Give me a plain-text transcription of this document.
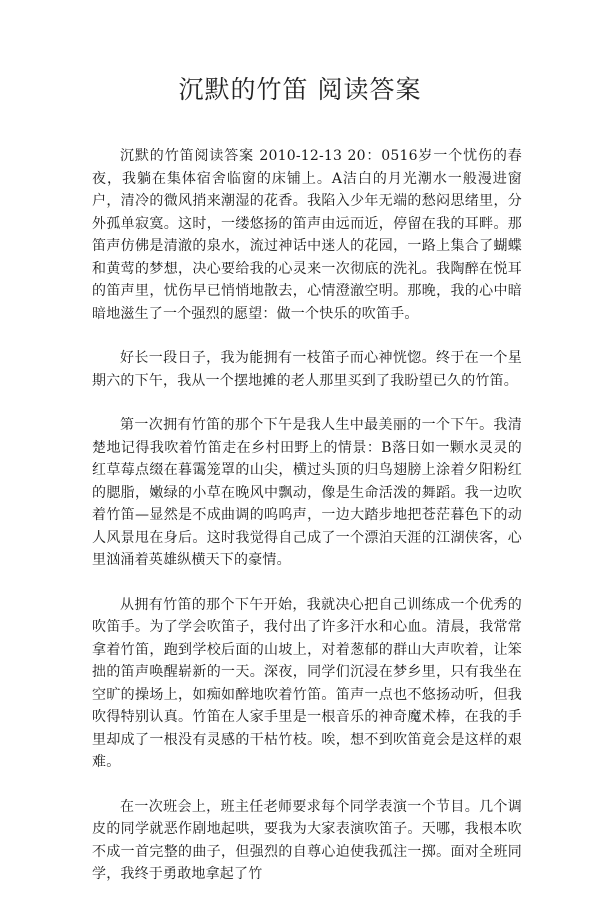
沉默的竹笛 阅读答案

沉默的竹笛阅读答案 2010-12-13 20：0516岁一个忧伤的春夜，我躺在集体宿舍临窗的床铺上。A洁白的月光潮水一般漫进窗户，清冷的微风捎来潮湿的花香。我陷入少年无端的愁闷思绪里，分外孤单寂寞。这时，一缕悠扬的笛声由远而近，停留在我的耳畔。那笛声仿佛是清澈的泉水，流过神话中迷人的花园，一路上集合了蝴蝶和黄莺的梦想，决心要给我的心灵来一次彻底的洗礼。我陶醉在悦耳的笛声里，忧伤早已悄悄地散去，心情澄澈空明。那晚，我的心中暗暗地滋生了一个强烈的愿望：做一个快乐的吹笛手。

好长一段日子，我为能拥有一枝笛子而心神恍惚。终于在一个星期六的下午，我从一个摆地摊的老人那里买到了我盼望已久的竹笛。

第一次拥有竹笛的那个下午是我人生中最美丽的一个下午。我清楚地记得我吹着竹笛走在乡村田野上的情景：B落日如一颗水灵灵的红草莓点缀在暮霭笼罩的山尖，横过头顶的归鸟翅膀上涂着夕阳粉红的腮脂，嫩绿的小草在晚风中飘动，像是生命活泼的舞蹈。我一边吹着竹笛—显然是不成曲调的呜呜声，一边大踏步地把苍茫暮色下的动人风景甩在身后。这时我觉得自己成了一个漂泊天涯的江湖侠客，心里汹涌着英雄纵横天下的豪情。

从拥有竹笛的那个下午开始，我就决心把自己训练成一个优秀的吹笛手。为了学会吹笛子，我付出了许多汗水和心血。清晨，我常常拿着竹笛，跑到学校后面的山坡上，对着葱郁的群山大声吹着，让笨拙的笛声唤醒崭新的一天。深夜，同学们沉浸在梦乡里，只有我坐在空旷的操场上，如痴如醉地吹着竹笛。笛声一点也不悠扬动听，但我吹得特别认真。竹笛在人家手里是一根音乐的神奇魔术棒，在我的手里却成了一根没有灵感的干枯竹枝。唉，想不到吹笛竟会是这样的艰难。

在一次班会上，班主任老师要求每个同学表演一个节目。几个调皮的同学就恶作剧地起哄，要我为大家表演吹笛子。天哪，我根本吹不成一首完整的曲子，但强烈的自尊心迫使我孤注一掷。面对全班同学，我终于勇敢地拿起了竹
